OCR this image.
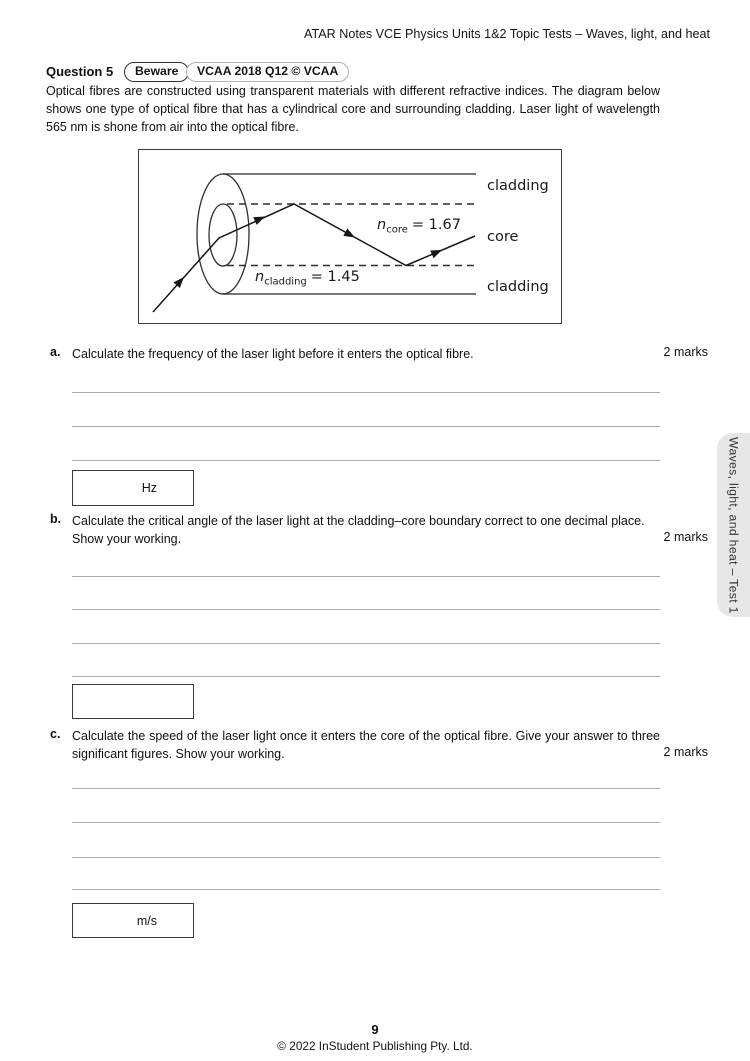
ATAR Notes VCE Physics Units 1&2 Topic Tests – Waves, light, and heat
Question 5	Beware	VCAA 2018 Q12 © VCAA
Optical fibres are constructed using transparent materials with different refractive indices. The diagram below
shows one type of optical fibre that has a cylindrical core and surrounding cladding. Laser light of wavelength
565 nm is shone from air into the optical fibre.
$n_{core} = 1.67$
$n_{cladding} = 1.45$
cladding
core
cladding
a. Calculate the frequency of the laser light before it enters the optical fibre.	2 marks
Hz
b. Calculate the critical angle of the laser light at the cladding–core boundary correct to one decimal place.
Show your working.	2 marks
c. Calculate the speed of the laser light once it enters the core of the optical fibre. Give your answer to three
significant figures. Show your working.	2 marks
m/s
Waves, light, and heat – Test 1
9
© 2022 InStudent Publishing Pty. Ltd.
